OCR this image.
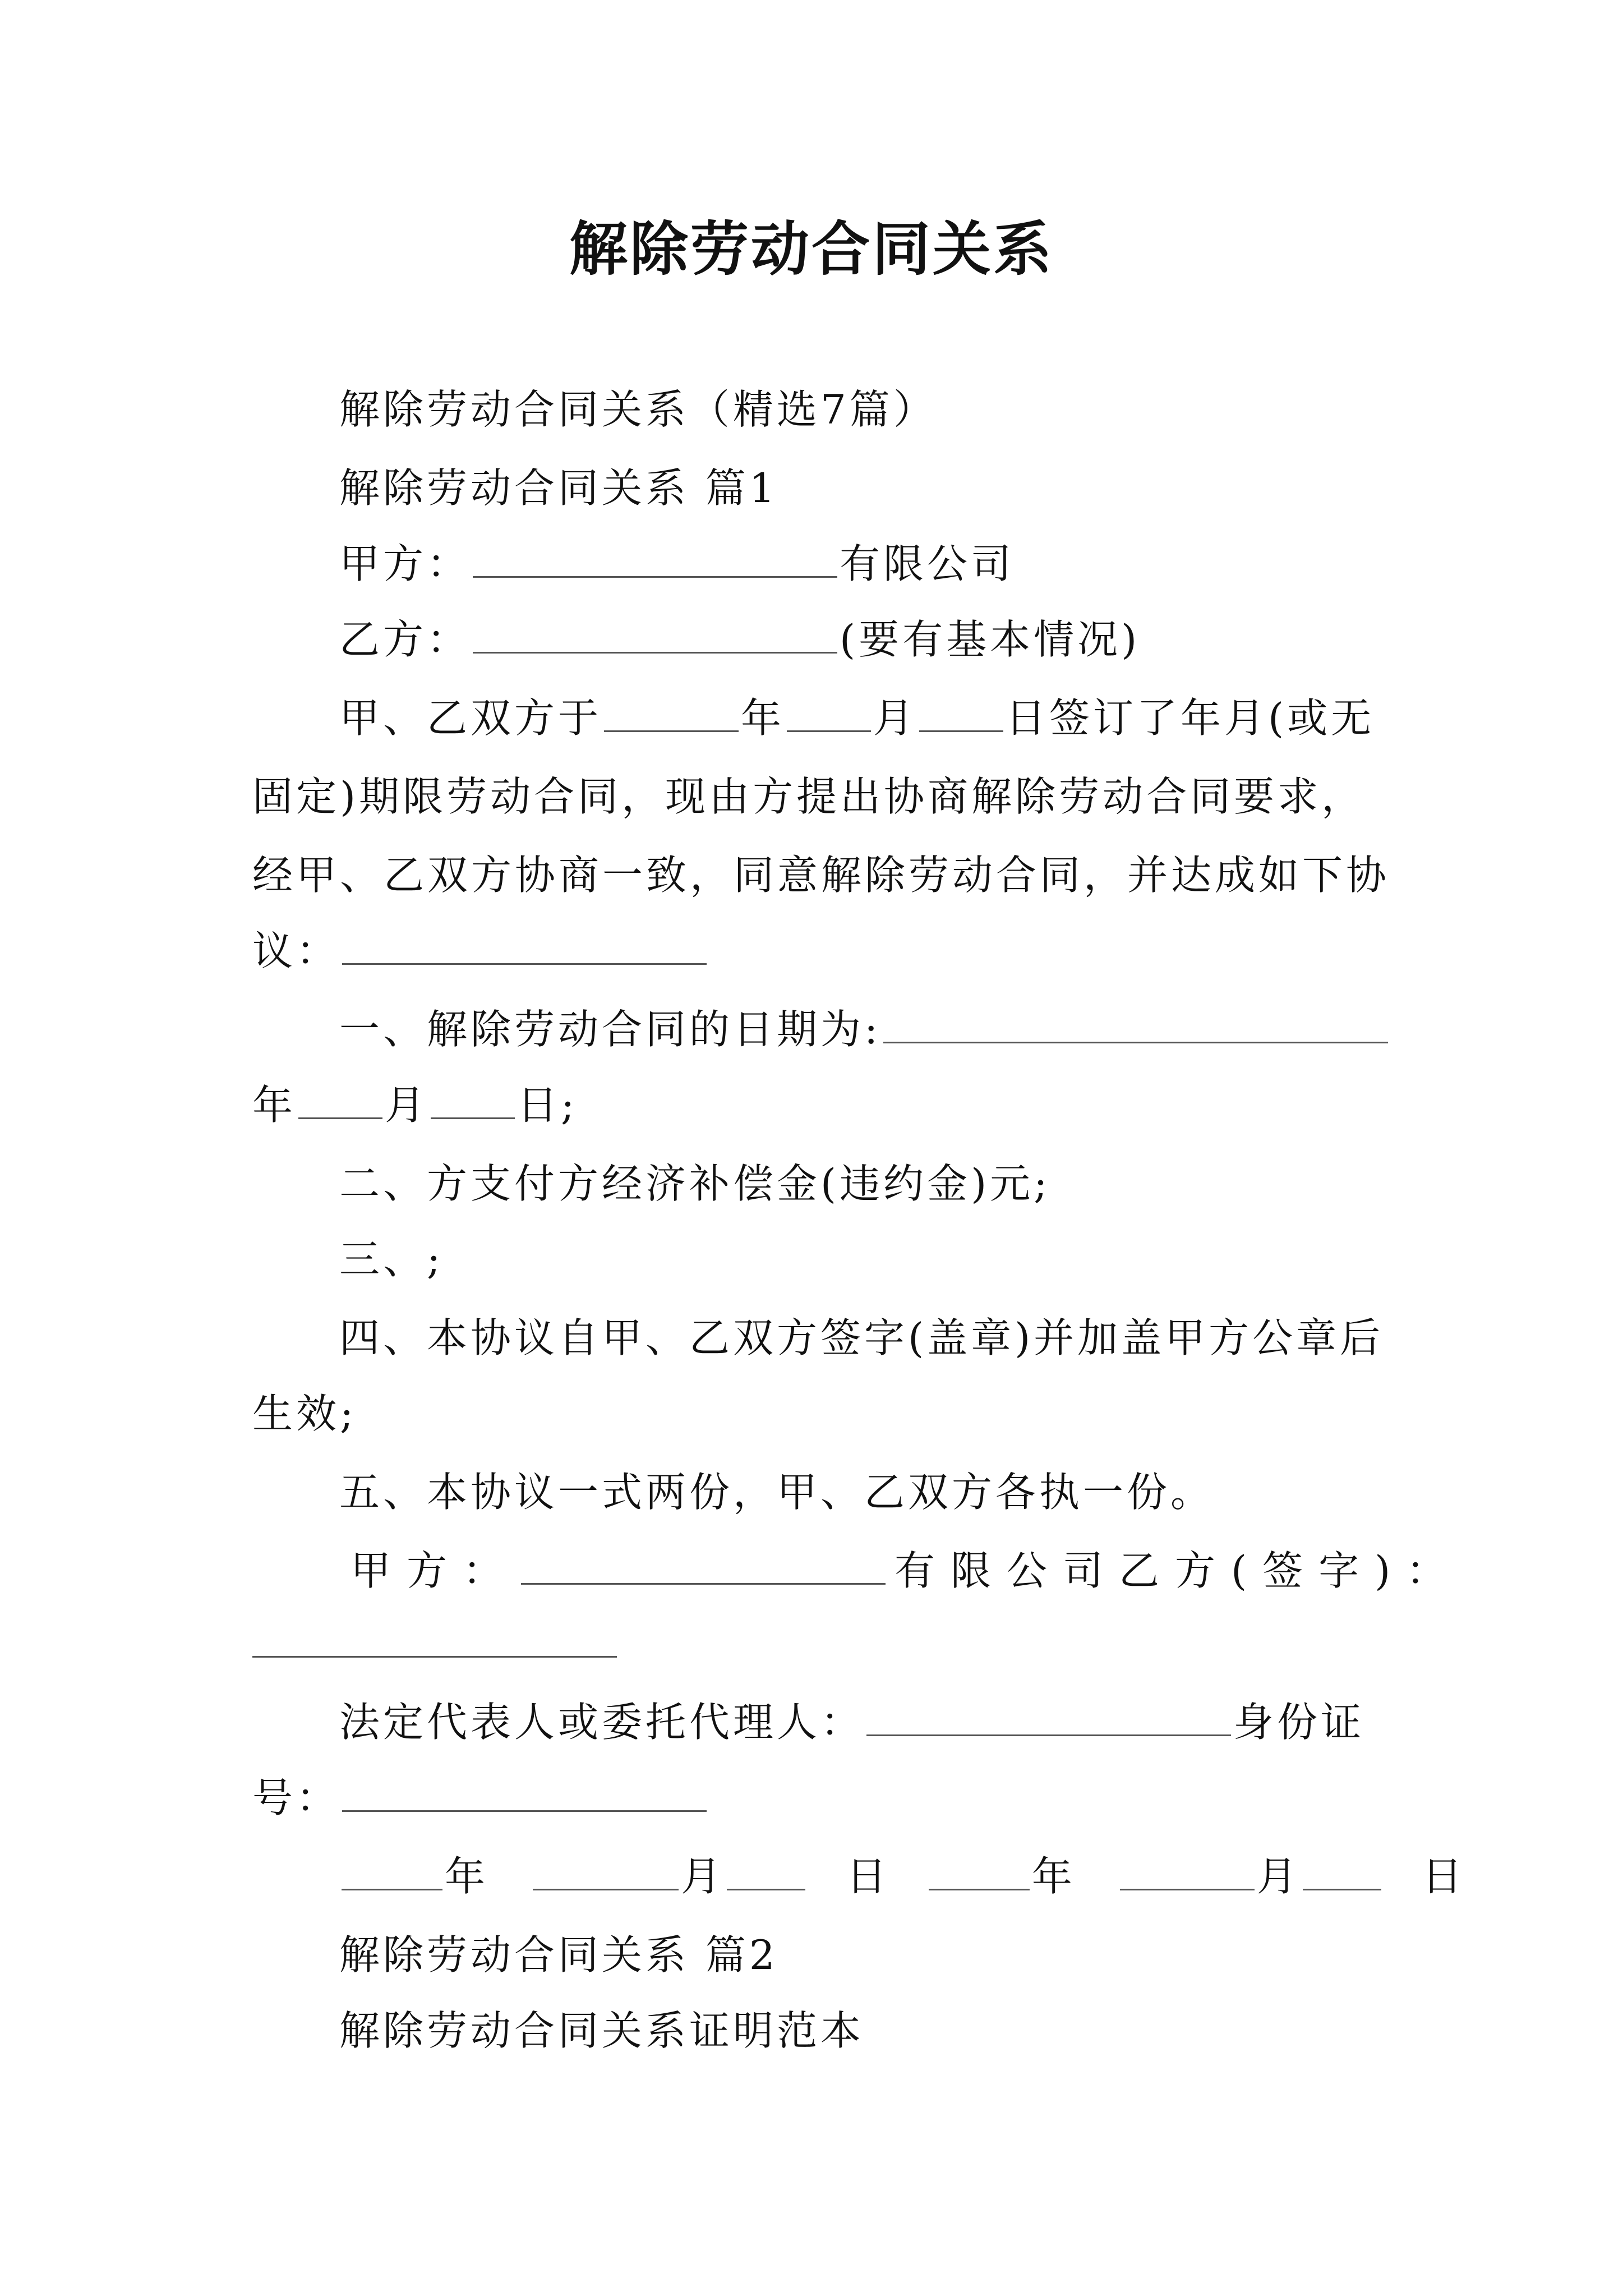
解除劳动合同关系
解除劳动合同关系（精选7篇）
解除劳动合同关系 篇1
甲方：	有限公司
乙方：	(要有基本情况)
甲、乙双方于	年 月 日签订了年月(或无
固定)期限劳动合同，现由方提出协商解除劳动合同要求，
经甲、乙双方协商一致，同意解除劳动合同，并达成如下协
议：
一、解除劳动合同的日期为:
年 月 日;
二、方支付方经济补偿金(违约金)元;
三、;
四、本协议自甲、乙双方签字(盖章)并加盖甲方公章后
生效;
五、本协议一式两份，甲、乙双方各执一份。
甲方：	有限公司乙方(签字)：
法定代表人或委托代理人：	身份证
号：
年	月	日	年	月	日
解除劳动合同关系 篇2
解除劳动合同关系证明范本
